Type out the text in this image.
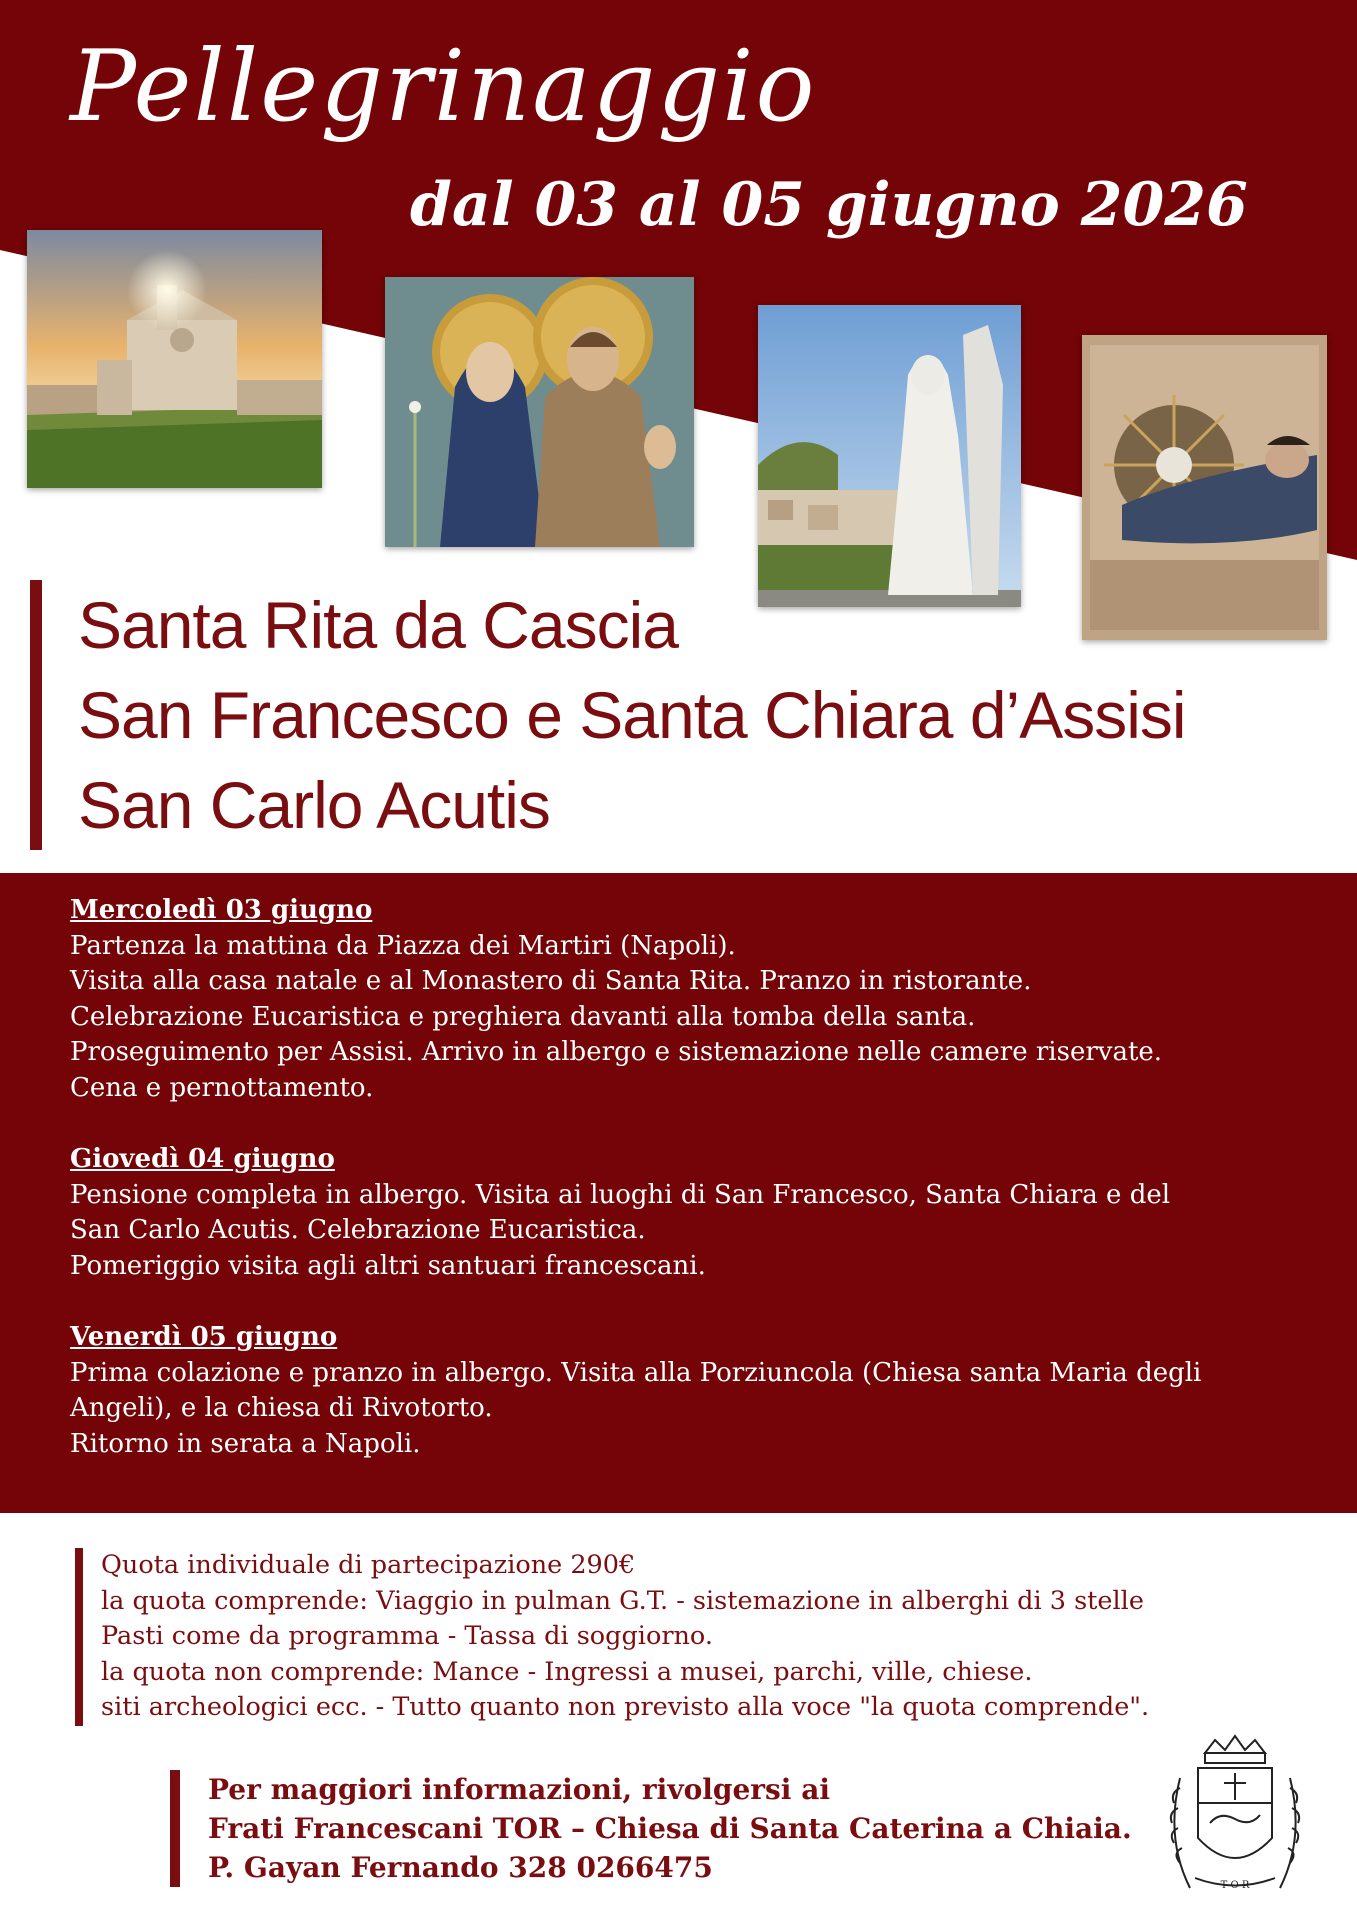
Pellegrinaggio
dal 03 al 05 giugno 2026
Santa Rita da Cascia
San Francesco e Santa Chiara d’Assisi
San Carlo Acutis

Mercoledì 03 giugno

Partenza la mattina da Piazza dei Martiri (Napoli).

Visita alla casa natale e al Monastero di Santa Rita. Pranzo in ristorante.

Celebrazione Eucaristica e preghiera davanti alla tomba della santa.

Proseguimento per Assisi. Arrivo in albergo e sistemazione nelle camere riservate.

Cena e pernottamento.

Giovedì 04 giugno

Pensione completa in albergo. Visita ai luoghi di San Francesco, Santa Chiara e del

San Carlo Acutis. Celebrazione Eucaristica.

Pomeriggio visita agli altri santuari francescani.

Venerdì 05 giugno

Prima colazione e pranzo in albergo. Visita alla Porziuncola (Chiesa santa Maria degli

Angeli), e la chiesa di Rivotorto.

Ritorno in serata a Napoli.

Quota individuale di partecipazione 290€

la quota comprende: Viaggio in pulman G.T. - sistemazione in alberghi di 3 stelle

Pasti come da programma - Tassa di soggiorno.

la quota non comprende: Mance - Ingressi a musei, parchi, ville, chiese.

siti archeologici ecc. - Tutto quanto non previsto alla voce "la quota comprende".

Per maggiori informazioni, rivolgersi ai

Frati Francescani TOR – Chiesa di Santa Caterina a Chiaia.

P. Gayan Fernando 328 0266475

T O R
